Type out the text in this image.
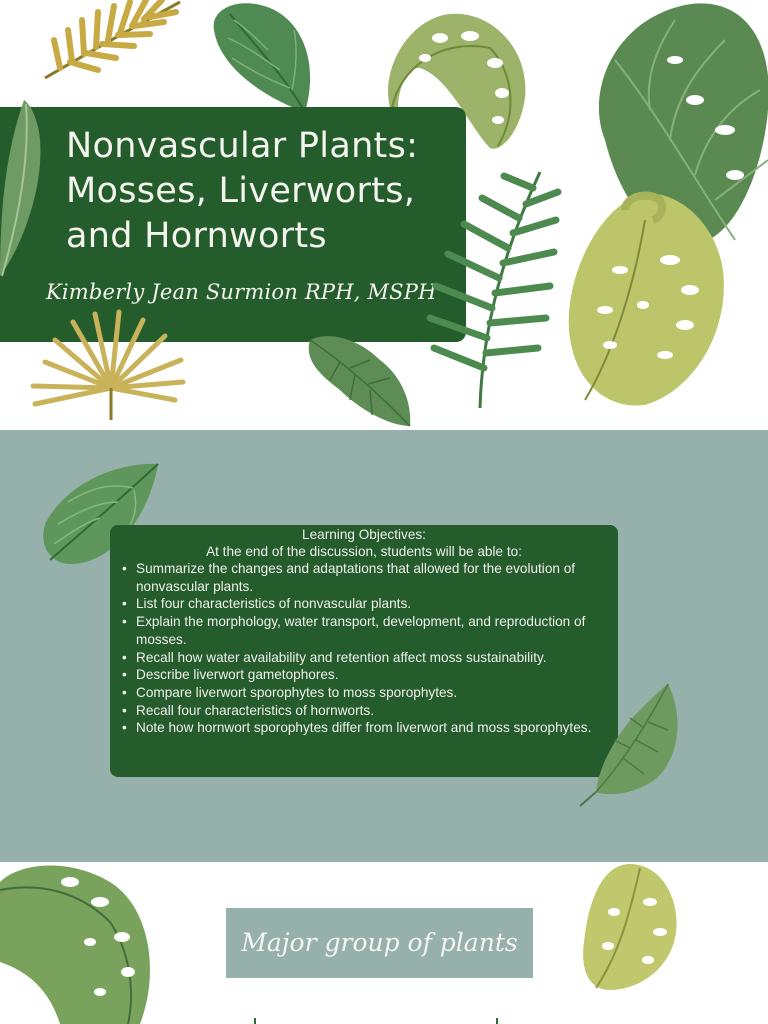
Nonvascular Plants:
Mosses, Liverworts,
and Hornworts
Kimberly Jean Surmion RPH, MSPH
Learning Objectives:
At the end of the discussion, students will be able to:
• Summarize the changes and adaptations that allowed for the evolution of nonvascular plants.
• List four characteristics of nonvascular plants.
• Explain the morphology, water transport, development, and reproduction of mosses.
• Recall how water availability and retention affect moss sustainability.
• Describe liverwort gametophores.
• Compare liverwort sporophytes to moss sporophytes.
• Recall four characteristics of hornworts.
• Note how hornwort sporophytes differ from liverwort and moss sporophytes.
Major group of plants
